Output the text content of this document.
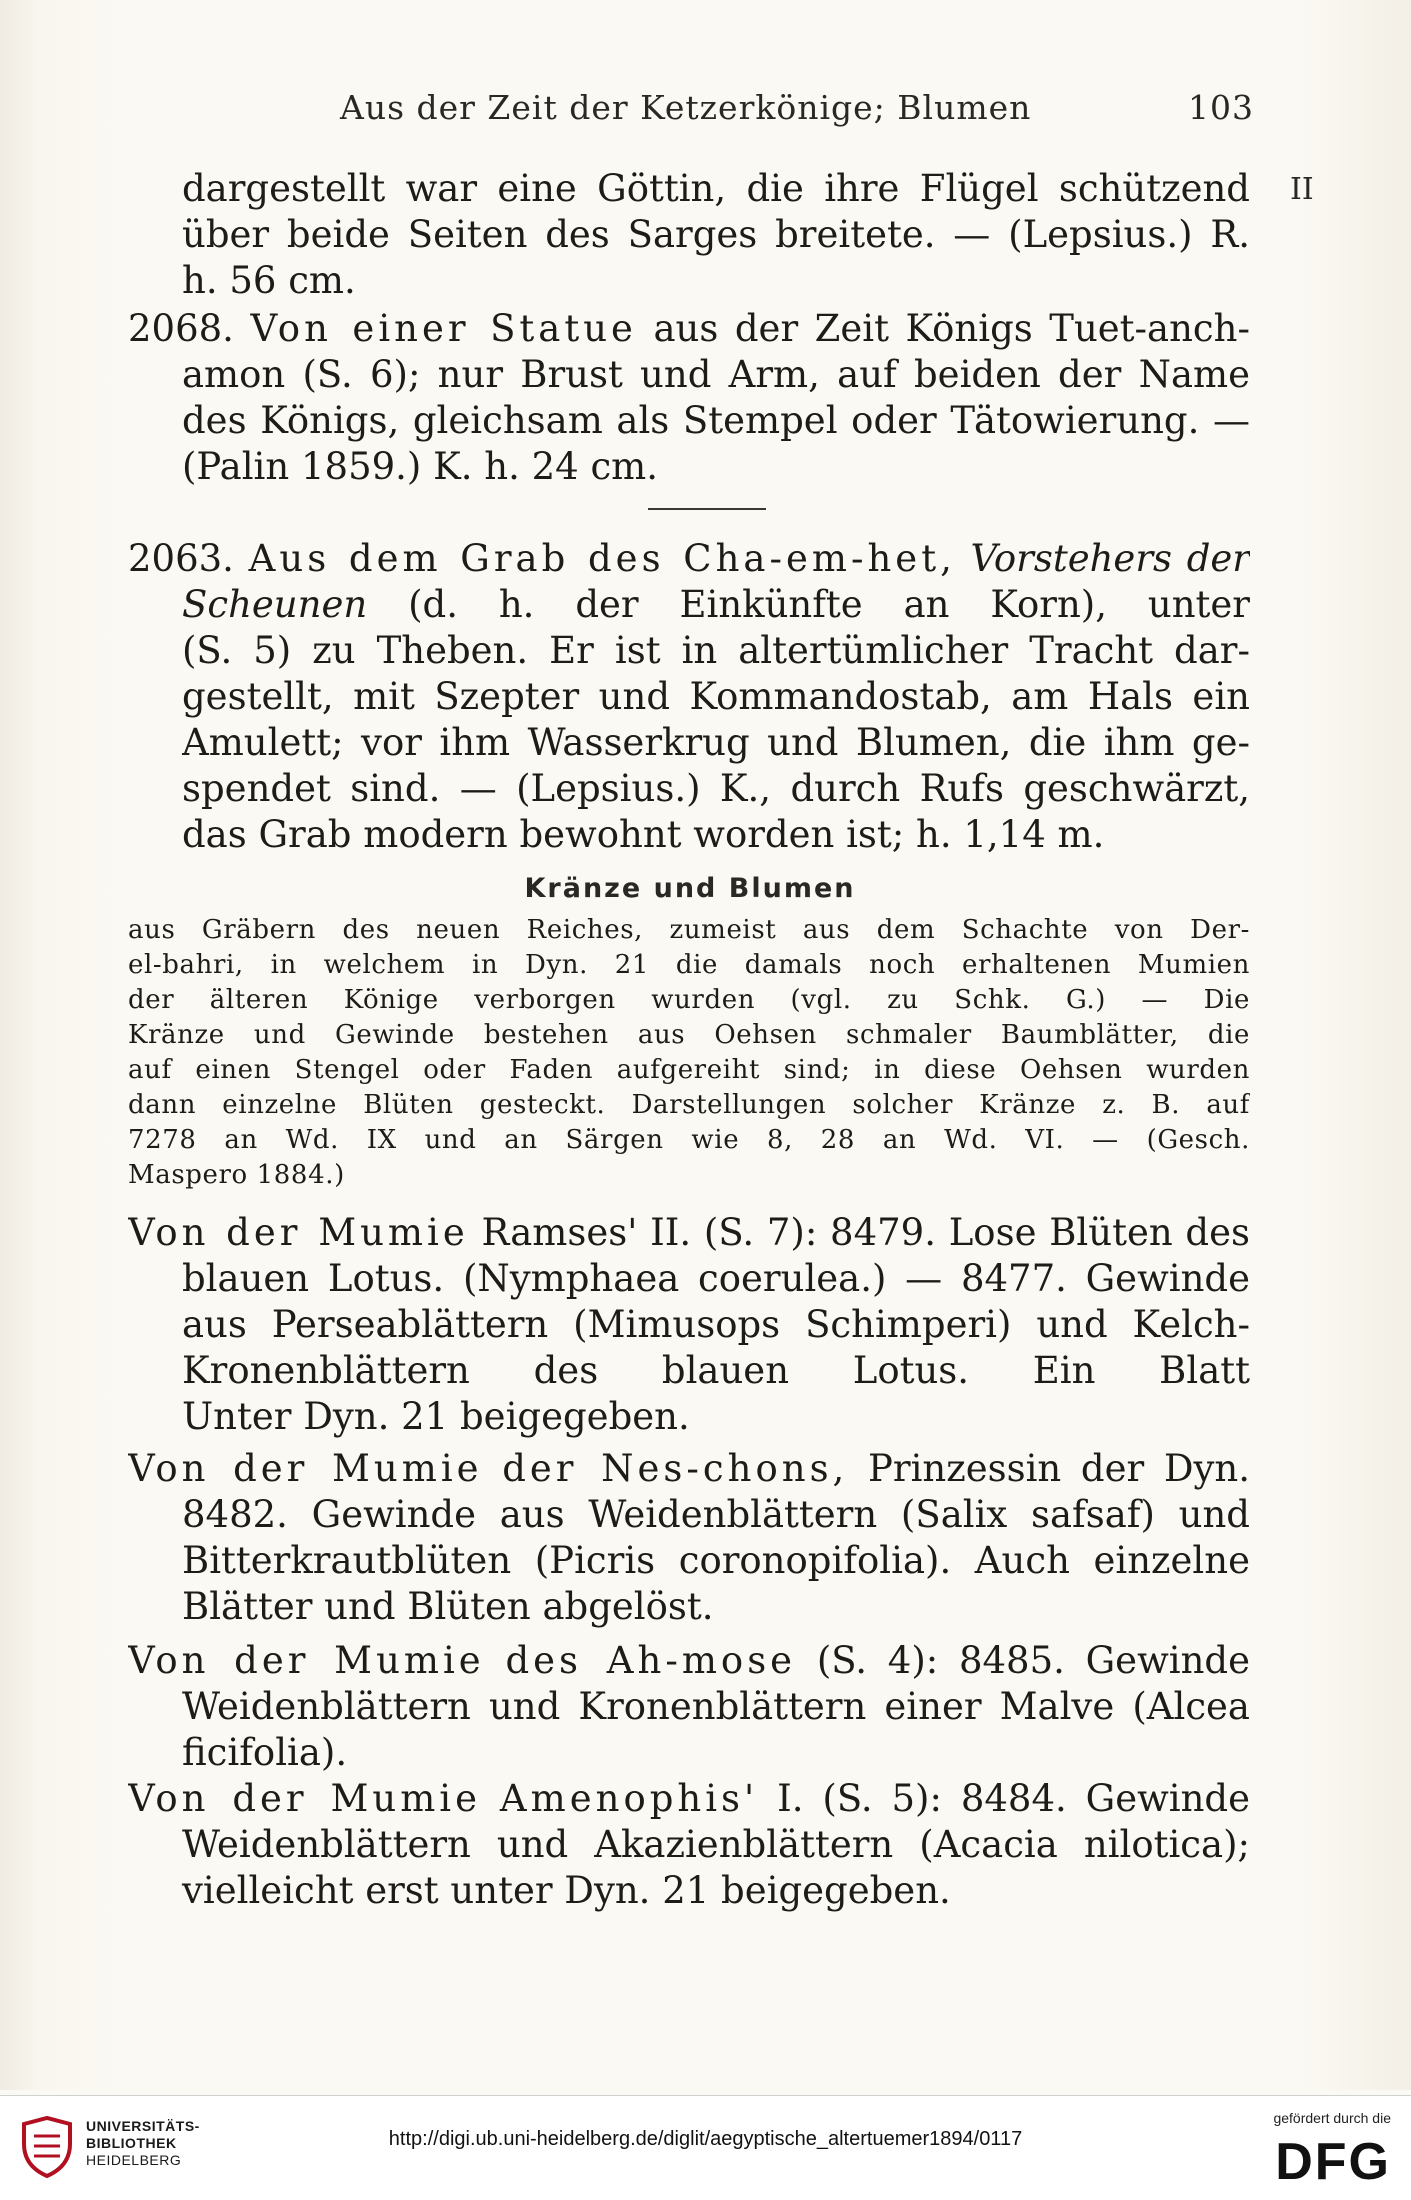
Aus der Zeit der Ketzerkönige; Blumen	103
II
dargestellt war eine Göttin, die ihre Flügel schützend
über beide Seiten des Sarges breitete. — (Lepsius.) R.
h. 56 cm.
2068. Von einer Statue aus der Zeit Königs Tuet-anch-
amon (S. 6); nur Brust und Arm, auf beiden der Name
des Königs, gleichsam als Stempel oder Tätowierung. —
(Palin 1859.) K. h. 24 cm.
2063. Aus dem Grab des Cha-em-het, Vorstehers der
Scheunen (d. h. der Einkünfte an Korn), unter
(S. 5) zu Theben. Er ist in altertümlicher Tracht dar-
gestellt, mit Szepter und Kommandostab, am Hals ein
Amulett; vor ihm Wasserkrug und Blumen, die ihm ge-
spendet sind. — (Lepsius.) K., durch Rufs geschwärzt,
das Grab modern bewohnt worden ist; h. 1,14 m.
Kränze und Blumen
aus Gräbern des neuen Reiches, zumeist aus dem Schachte von Der-
el-bahri, in welchem in Dyn. 21 die damals noch erhaltenen Mumien
der älteren Könige verborgen wurden (vgl. zu Schk. G.) — Die
Kränze und Gewinde bestehen aus Oehsen schmaler Baumblätter, die
auf einen Stengel oder Faden aufgereiht sind; in diese Oehsen wurden
dann einzelne Blüten gesteckt. Darstellungen solcher Kränze z. B. auf
7278 an Wd. IX und an Särgen wie 8, 28 an Wd. VI. — (Gesch.
Maspero 1884.)
Von der Mumie Ramses' II. (S. 7): 8479. Lose Blüten des
blauen Lotus. (Nymphaea coerulea.) — 8477. Gewinde
aus Perseablättern (Mimusops Schimperi) und Kelch-
Kronenblättern des blauen Lotus. Ein Blatt
Unter Dyn. 21 beigegeben.
Von der Mumie der Nes-chons, Prinzessin der Dyn.
8482. Gewinde aus Weidenblättern (Salix safsaf) und
Bitterkrautblüten (Picris coronopifolia). Auch einzelne
Blätter und Blüten abgelöst.
Von der Mumie des Ah-mose (S. 4): 8485. Gewinde
Weidenblättern und Kronenblättern einer Malve (Alcea
ficifolia).
Von der Mumie Amenophis' I. (S. 5): 8484. Gewinde
Weidenblättern und Akazienblättern (Acacia nilotica);
vielleicht erst unter Dyn. 21 beigegeben.
UNIVERSITÄTS-
BIBLIOTHEK
HEIDELBERG
http://digi.ub.uni-heidelberg.de/diglit/aegyptische_altertuemer1894/0117
gefördert durch die
DFG
